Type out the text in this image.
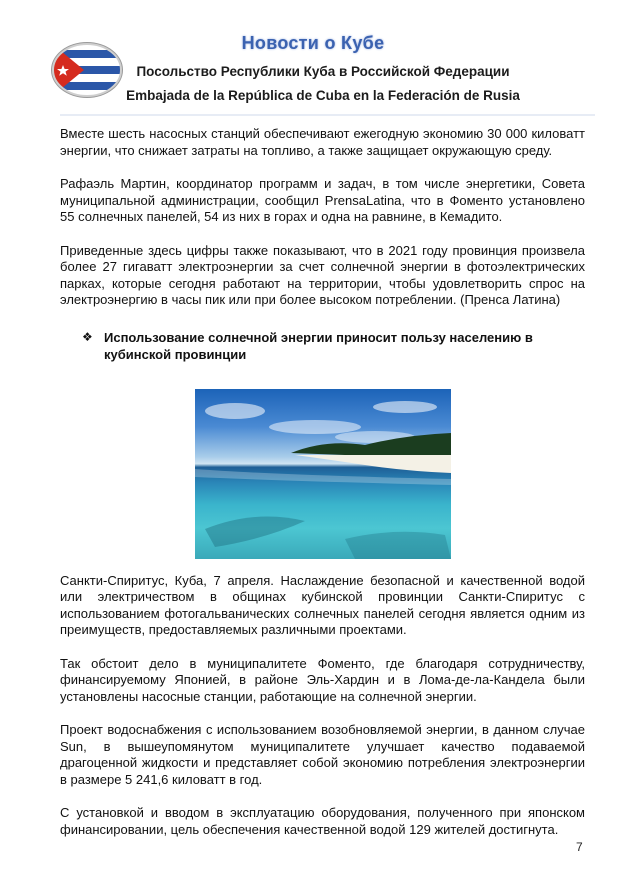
Новости о Кубе
Посольство Республики Куба в Российской Федерации
Embajada de la República de Cuba en la Federación de Rusia

Вместе шесть насосных станций обеспечивают ежегодную экономию 30 000 киловатт энергии, что снижает затраты на топливо, а также защищает окружающую среду.

Рафаэль Мартин, координатор программ и задач, в том числе энергетики, Совета муниципальной администрации, сообщил PrensaLatina, что в Фоменто установлено 55 солнечных панелей, 54 из них в горах и одна на равнине, в Кемадито.

Приведенные здесь цифры также показывают, что в 2021 году провинция произвела более 27 гигаватт электроэнергии за счет солнечной энергии в фотоэлектрических парках, которые сегодня работают на территории, чтобы удовлетворить спрос на электроэнергию в часы пик или при более высоком потреблении. (Пренса Латина)

❖ Использование солнечной энергии приносит пользу населению в кубинской провинции

Санкти-Спиритус, Куба, 7 апреля. Наслаждение безопасной и качественной водой или электричеством в общинах кубинской провинции Санкти-Спиритус с использованием фотогальванических солнечных панелей сегодня является одним из преимуществ, предоставляемых различными проектами.

Так обстоит дело в муниципалитете Фоменто, где благодаря сотрудничеству, финансируемому Японией, в районе Эль-Хардин и в Лома-де-ла-Кандела были установлены насосные станции, работающие на солнечной энергии.

Проект водоснабжения с использованием возобновляемой энергии, в данном случае Sun, в вышеупомянутом муниципалитете улучшает качество подаваемой драгоценной жидкости и представляет собой экономию потребления электроэнергии в размере 5 241,6 киловатт в год.

С установкой и вводом в эксплуатацию оборудования, полученного при японском финансировании, цель обеспечения качественной водой 129 жителей достигнута.

7
